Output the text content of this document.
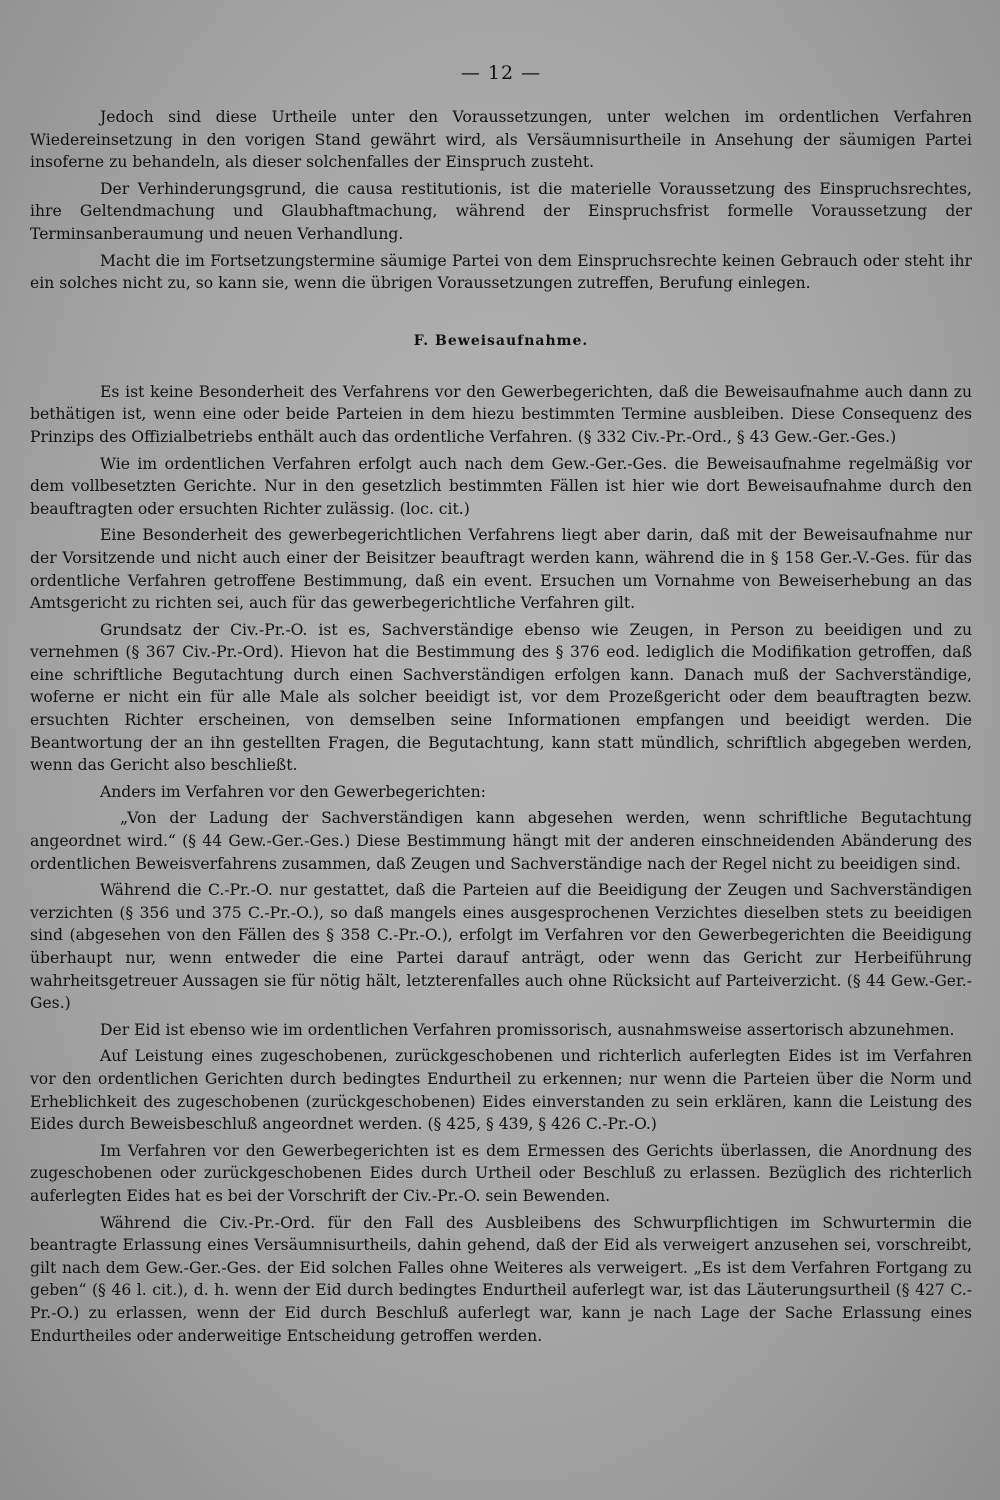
— 12 —

Jedoch sind diese Urtheile unter den Voraussetzungen, unter welchen im ordentlichen Verfahren Wiedereinsetzung in den vorigen Stand gewährt wird, als Versäumnisurtheile in Ansehung der säumigen Partei insoferne zu behandeln, als dieser solchenfalles der Einspruch zusteht.

Der Verhinderungsgrund, die causa restitutionis, ist die materielle Voraussetzung des Einspruchsrechtes, ihre Geltendmachung und Glaubhaftmachung, während der Einspruchsfrist formelle Voraussetzung der Terminsanberaumung und neuen Verhandlung.

Macht die im Fortsetzungstermine säumige Partei von dem Einspruchsrechte keinen Gebrauch oder steht ihr ein solches nicht zu, so kann sie, wenn die übrigen Voraussetzungen zutreffen, Berufung einlegen.

F. Beweisaufnahme.

Es ist keine Besonderheit des Verfahrens vor den Gewerbegerichten, daß die Beweisaufnahme auch dann zu bethätigen ist, wenn eine oder beide Parteien in dem hiezu bestimmten Termine ausbleiben. Diese Consequenz des Prinzips des Offizialbetriebs enthält auch das ordentliche Verfahren. (§ 332 Civ.-Pr.-Ord., § 43 Gew.-Ger.-Ges.)

Wie im ordentlichen Verfahren erfolgt auch nach dem Gew.-Ger.-Ges. die Beweisaufnahme regelmäßig vor dem vollbesetzten Gerichte. Nur in den gesetzlich bestimmten Fällen ist hier wie dort Beweisaufnahme durch den beauftragten oder ersuchten Richter zulässig. (loc. cit.)

Eine Besonderheit des gewerbegerichtlichen Verfahrens liegt aber darin, daß mit der Beweisaufnahme nur der Vorsitzende und nicht auch einer der Beisitzer beauftragt werden kann, während die in § 158 Ger.-V.-Ges. für das ordentliche Verfahren getroffene Bestimmung, daß ein event. Ersuchen um Vornahme von Beweiserhebung an das Amtsgericht zu richten sei, auch für das gewerbegerichtliche Verfahren gilt.

Grundsatz der Civ.-Pr.-O. ist es, Sachverständige ebenso wie Zeugen, in Person zu beeidigen und zu vernehmen (§ 367 Civ.-Pr.-Ord). Hievon hat die Bestimmung des § 376 eod. lediglich die Modifikation getroffen, daß eine schriftliche Begutachtung durch einen Sachverständigen erfolgen kann. Danach muß der Sachverständige, woferne er nicht ein für alle Male als solcher beeidigt ist, vor dem Prozeßgericht oder dem beauftragten bezw. ersuchten Richter erscheinen, von demselben seine Informationen empfangen und beeidigt werden. Die Beantwortung der an ihn gestellten Fragen, die Begutachtung, kann statt mündlich, schriftlich abgegeben werden, wenn das Gericht also beschließt.

Anders im Verfahren vor den Gewerbegerichten:

„Von der Ladung der Sachverständigen kann abgesehen werden, wenn schriftliche Begutachtung angeordnet wird.“ (§ 44 Gew.-Ger.-Ges.) Diese Bestimmung hängt mit der anderen einschneidenden Abänderung des ordentlichen Beweisverfahrens zusammen, daß Zeugen und Sachverständige nach der Regel nicht zu beeidigen sind.

Während die C.-Pr.-O. nur gestattet, daß die Parteien auf die Beeidigung der Zeugen und Sachverständigen verzichten (§ 356 und 375 C.-Pr.-O.), so daß mangels eines ausgesprochenen Verzichtes dieselben stets zu beeidigen sind (abgesehen von den Fällen des § 358 C.-Pr.-O.), erfolgt im Verfahren vor den Gewerbegerichten die Beeidigung überhaupt nur, wenn entweder die eine Partei darauf anträgt, oder wenn das Gericht zur Herbeiführung wahrheitsgetreuer Aussagen sie für nötig hält, letzterenfalles auch ohne Rücksicht auf Parteiverzicht. (§ 44 Gew.-Ger.-Ges.)

Der Eid ist ebenso wie im ordentlichen Verfahren promissorisch, ausnahmsweise assertorisch abzunehmen.

Auf Leistung eines zugeschobenen, zurückgeschobenen und richterlich auferlegten Eides ist im Verfahren vor den ordentlichen Gerichten durch bedingtes Endurtheil zu erkennen; nur wenn die Parteien über die Norm und Erheblichkeit des zugeschobenen (zurückgeschobenen) Eides einverstanden zu sein erklären, kann die Leistung des Eides durch Beweisbeschluß angeordnet werden. (§ 425, § 439, § 426 C.-Pr.-O.)

Im Verfahren vor den Gewerbegerichten ist es dem Ermessen des Gerichts überlassen, die Anordnung des zugeschobenen oder zurückgeschobenen Eides durch Urtheil oder Beschluß zu erlassen. Bezüglich des richterlich auferlegten Eides hat es bei der Vorschrift der Civ.-Pr.-O. sein Bewenden.

Während die Civ.-Pr.-Ord. für den Fall des Ausbleibens des Schwurpflichtigen im Schwurtermin die beantragte Erlassung eines Versäumnisurtheils, dahin gehend, daß der Eid als verweigert anzusehen sei, vorschreibt, gilt nach dem Gew.-Ger.-Ges. der Eid solchen Falles ohne Weiteres als verweigert. „Es ist dem Verfahren Fortgang zu geben“ (§ 46 l. cit.), d. h. wenn der Eid durch bedingtes Endurtheil auferlegt war, ist das Läuterungsurtheil (§ 427 C.-Pr.-O.) zu erlassen, wenn der Eid durch Beschluß auferlegt war, kann je nach Lage der Sache Erlassung eines Endurtheiles oder anderweitige Entscheidung getroffen werden.
